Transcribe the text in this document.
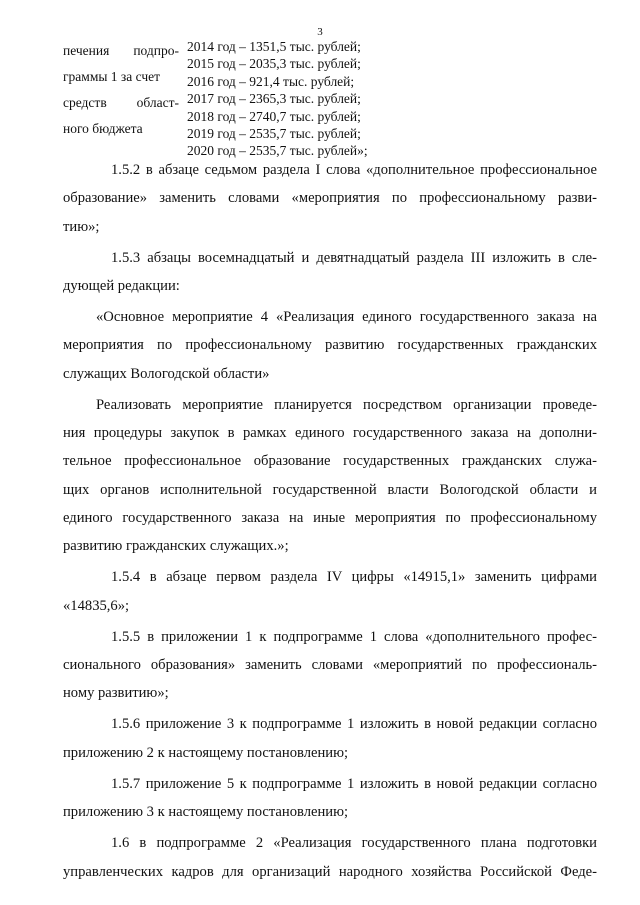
3
печения подпро-
граммы 1 за счет
средств област-
ного бюджета
2014 год – 1351,5 тыс. рублей;
2015 год – 2035,3 тыс. рублей;
2016 год – 921,4 тыс. рублей;
2017 год – 2365,3 тыс. рублей;
2018 год – 2740,7 тыс. рублей;
2019 год – 2535,7 тыс. рублей;
2020 год – 2535,7 тыс. рублей»;
1.5.2 в абзаце седьмом раздела I слова «дополнительное профессиональное
образование» заменить словами «мероприятия по профессиональному разви-
тию»;
1.5.3 абзацы восемнадцатый и девятнадцатый раздела III изложить в сле-
дующей редакции:
«Основное мероприятие 4 «Реализация единого государственного заказа на
мероприятия по профессиональному развитию государственных гражданских
служащих Вологодской области»
Реализовать мероприятие планируется посредством организации проведе-
ния процедуры закупок в рамках единого государственного заказа на дополни-
тельное профессиональное образование государственных гражданских служа-
щих органов исполнительной государственной власти Вологодской области и
единого государственного заказа на иные мероприятия по профессиональному
развитию гражданских служащих.»;
1.5.4 в абзаце первом раздела IV цифры «14915,1» заменить цифрами
«14835,6»;
1.5.5 в приложении 1 к подпрограмме 1 слова «дополнительного профес-
сионального образования» заменить словами «мероприятий по профессиональ-
ному развитию»;
1.5.6 приложение 3 к подпрограмме 1 изложить в новой редакции согласно
приложению 2 к настоящему постановлению;
1.5.7 приложение 5 к подпрограмме 1 изложить в новой редакции согласно
приложению 3 к настоящему постановлению;
1.6 в подпрограмме 2 «Реализация государственного плана подготовки
управленческих кадров для организаций народного хозяйства Российской Феде-
